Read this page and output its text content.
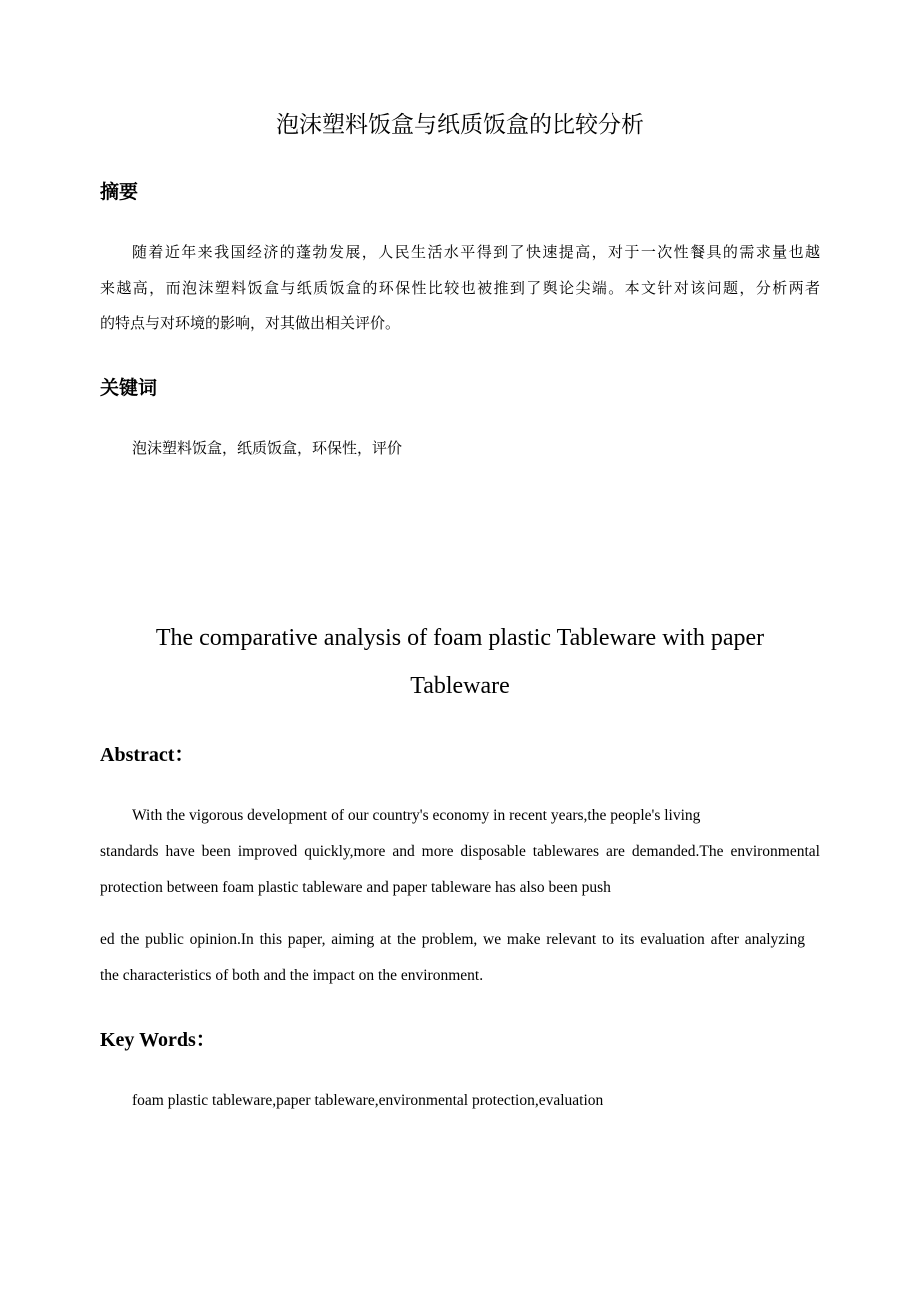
泡沫塑料饭盒与纸质饭盒的比较分析
摘要
随着近年来我国经济的蓬勃发展，人民生活水平得到了快速提高，对于一次性餐具的需求量也越
来越高，而泡沫塑料饭盒与纸质饭盒的环保性比较也被推到了舆论尖端。本文针对该问题，分析两者
的特点与对环境的影响，对其做出相关评价。
关键词
泡沫塑料饭盒，纸质饭盒，环保性，评价
The comparative analysis of foam plastic Tableware with paper
Tableware
Abstract：
With the vigorous development of our country's economy in recent years,the people's living
standards have been improved quickly,more and more disposable tablewares are demanded.The environmental
protection between foam plastic tableware and paper tableware has also been push
ed the public opinion.In this paper, aiming at the problem, we make relevant to its evaluation after analyzing
the characteristics of both and the impact on the environment.
Key Words：
foam plastic tableware,paper tableware,environmental protection,evaluation
